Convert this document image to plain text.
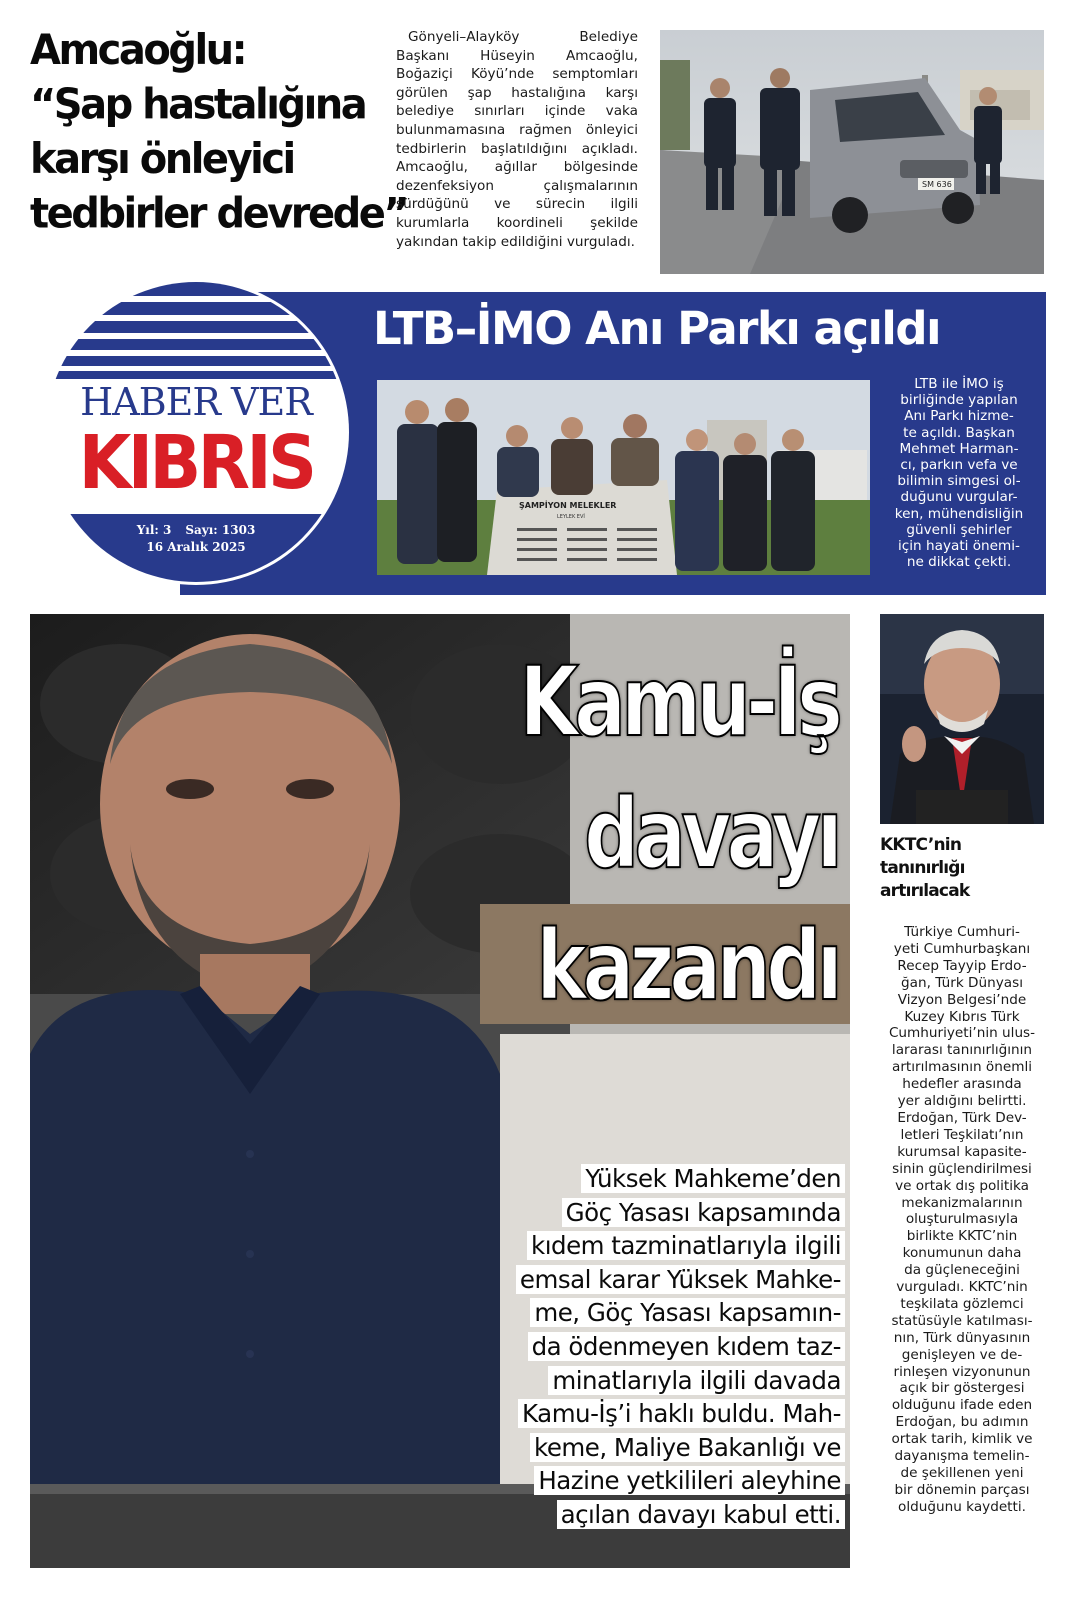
Amcaoğlu:
“Şap hastalığına
karşı önleyici
tedbirler devrede”

Gönyeli–Alayköy Belediye Başkanı Hüseyin Amcaoğlu, Boğaziçi Köyü’nde semptomları görülen şap hastalığına karşı belediye sınırları içinde vaka bulunmamasına rağmen önleyici tedbirlerin başlatıldığını açıkladı. Amcaoğlu, ağıllar bölgesinde dezenfeksiyon çalışmalarının sürdüğünü ve sürecin ilgili kurumlarla koordineli şekilde yakından takip edildiğini vurguladı.

SM 636
LTB–İMO Anı Parkı açıldı
ŞAMPİYON MELEKLER
LEYLEK EVİ

LTB ile İMO iş
birliğinde yapılan
Anı Parkı hizme-
te açıldı. Başkan
Mehmet Harman-
cı, parkın vefa ve
bilimin simgesi ol-
duğunu vurgular-
ken, mühendisliğin
güvenli şehirler
için hayati önemi-
ne dikkat çekti.

HABER VER
KIBRIS
Yıl: 3 Sayı: 1303
16 Aralık 2025
Kamu-İş
davayı
kazandı

Yüksek Mahkeme’den
Göç Yasası kapsamında
kıdem tazminatlarıyla ilgili
emsal karar Yüksek Mahke-
me, Göç Yasası kapsamın-
da ödenmeyen kıdem taz-
minatlarıyla ilgili davada
Kamu-İş’i haklı buldu. Mah-
keme, Maliye Bakanlığı ve
Hazine yetkilileri aleyhine
açılan davayı kabul etti.

KKTC’nin
tanınırlığı
artırılacak
Türkiye Cumhuri-
yeti Cumhurbaşkanı
Recep Tayyip Erdo-
ğan, Türk Dünyası
Vizyon Belgesi’nde
Kuzey Kıbrıs Türk
Cumhuriyeti’nin ulus-
lararası tanınırlığının
artırılmasının önemli
hedefler arasında
yer aldığını belirtti.
Erdoğan, Türk Dev-
letleri Teşkilatı’nın
kurumsal kapasite-
sinin güçlendirilmesi
ve ortak dış politika
mekanizmalarının
oluşturulmasıyla
birlikte KKTC’nin
konumunun daha
da güçleneceğini
vurguladı. KKTC’nin
teşkilata gözlemci
statüsüyle katılması-
nın, Türk dünyasının
genişleyen ve de-
rinleşen vizyonunun
açık bir göstergesi
olduğunu ifade eden
Erdoğan, bu adımın
ortak tarih, kimlik ve
dayanışma temelin-
de şekillenen yeni
bir dönemin parçası
olduğunu kaydetti.
